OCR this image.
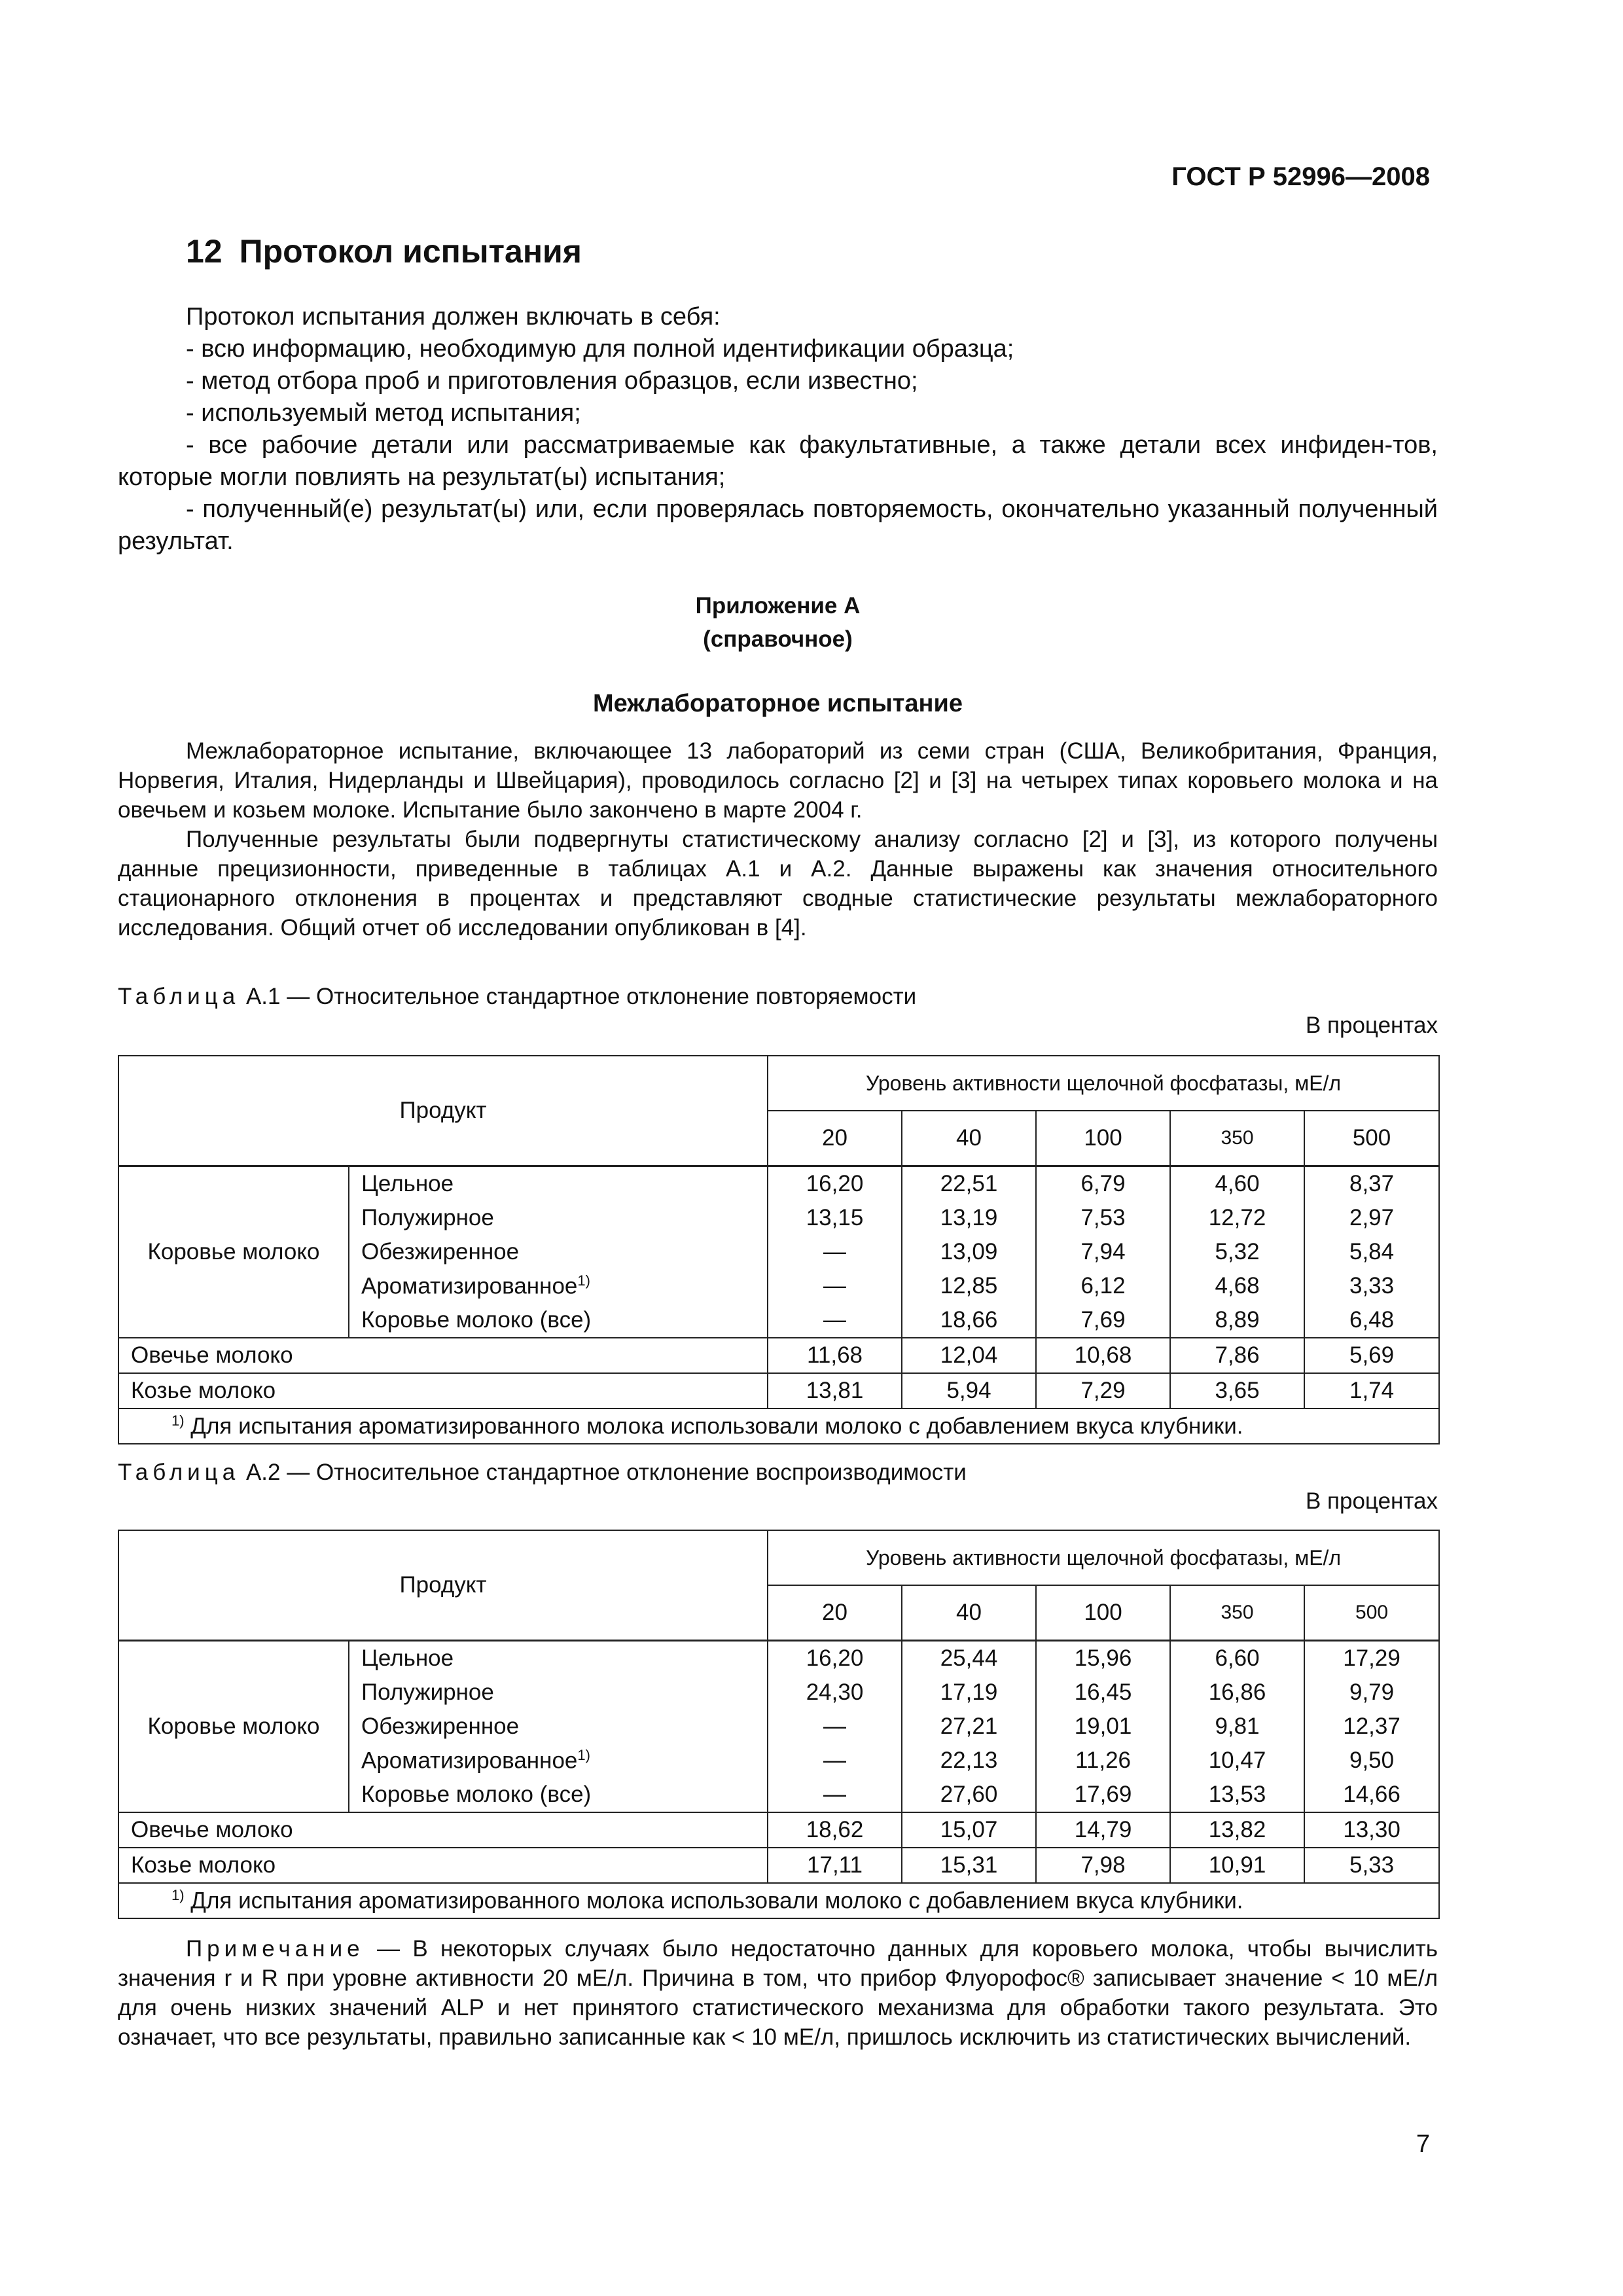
ГОСТ Р 52996—2008
12 Протокол испытания

Протокол испытания должен включать в себя:

- всю информацию, необходимую для полной идентификации образца;

- метод отбора проб и приготовления образцов, если известно;

- используемый метод испытания;

- все рабочие детали или рассматриваемые как факультативные, а также детали всех инфиден-тов, которые могли повлиять на результат(ы) испытания;

- полученный(е) результат(ы) или, если проверялась повторяемость, окончательно указанный полученный результат.

Приложение А
(справочное)
Межлабораторное испытание

Межлабораторное испытание, включающее 13 лабораторий из семи стран (США, Великобритания, Франция, Норвегия, Италия, Нидерланды и Швейцария), проводилось согласно [2] и [3] на четырех типах коровьего молока и на овечьем и козьем молоке. Испытание было закончено в марте 2004 г.

Полученные результаты были подвергнуты статистическому анализу согласно [2] и [3], из которого получены данные прецизионности, приведенные в таблицах А.1 и А.2. Данные выражены как значения относительного стационарного отклонения в процентах и представляют сводные статистические результаты межлабораторного исследования. Общий отчет об исследовании опубликован в [4].

Таблица А.1 — Относительное стандартное отклонение повторяемости
В процентах
Продукт		Уровень активности щелочной фосфатазы, мЕ/л				
		20	40	100	350	500
Коровье молоко	Цельное	16,20	22,51	6,79	4,60	8,37
	Полужирное	13,15	13,19	7,53	12,72	2,97
	Обезжиренное	—	13,09	7,94	5,32	5,84
	Ароматизированное$^{1)}$	—	12,85	6,12	4,68	3,33
	Коровье молоко (все)	—	18,66	7,69	8,89	6,48
Овечье молоко		11,68	12,04	10,68	7,86	5,69
Козье молоко		13,81	5,94	7,29	3,65	1,74
$^{1)}$ Для испытания ароматизированного молока использовали молоко с добавлением вкуса клубники.						
Таблица А.2 — Относительное стандартное отклонение воспроизводимости
В процентах
Продукт		Уровень активности щелочной фосфатазы, мЕ/л				
		20	40	100	350	500
Коровье молоко	Цельное	16,20	25,44	15,96	6,60	17,29
	Полужирное	24,30	17,19	16,45	16,86	9,79
	Обезжиренное	—	27,21	19,01	9,81	12,37
	Ароматизированное$^{1)}$	—	22,13	11,26	10,47	9,50
	Коровье молоко (все)	—	27,60	17,69	13,53	14,66
Овечье молоко		18,62	15,07	14,79	13,82	13,30
Козье молоко		17,11	15,31	7,98	10,91	5,33
$^{1)}$ Для испытания ароматизированного молока использовали молоко с добавлением вкуса клубники.						

Примечание — В некоторых случаях было недостаточно данных для коровьего молока, чтобы вычислить значения r и R при уровне активности 20 мЕ/л. Причина в том, что прибор Флуорофос® записывает значение < 10 мЕ/л для очень низких значений ALP и нет принятого статистического механизма для обработки такого результата. Это означает, что все результаты, правильно записанные как < 10 мЕ/л, пришлось исключить из статистических вычислений.

7
